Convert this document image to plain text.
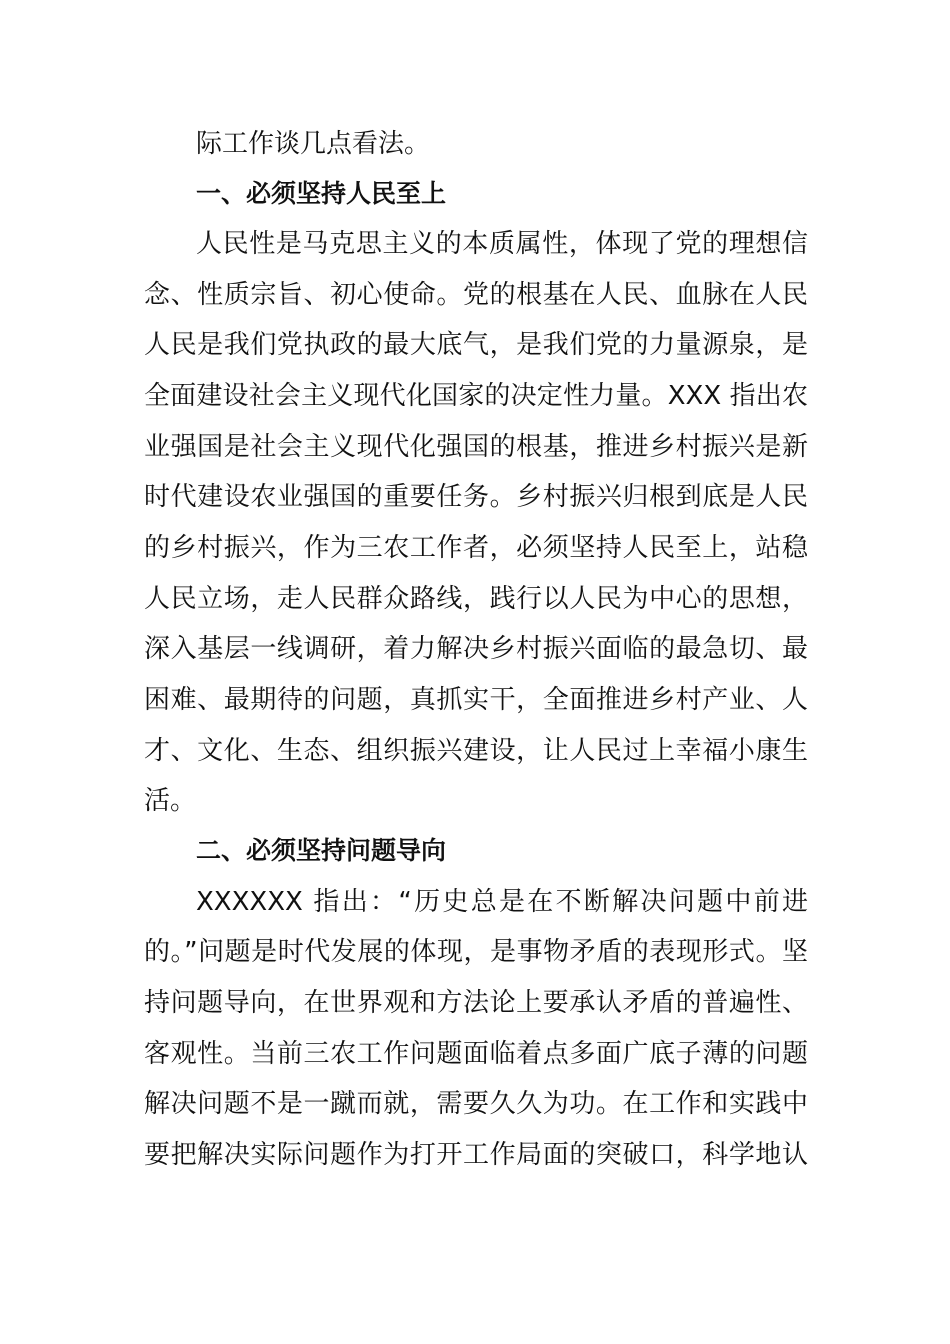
际工作谈几点看法。
一、必须坚持人民至上
人民性是马克思主义的本质属性，体现了党的理想信
念、性质宗旨、初心使命。党的根基在人民、血脉在人民
人民是我们党执政的最大底气，是我们党的力量源泉，是
全面建设社会主义现代化国家的决定性力量。XXX 指出农
业强国是社会主义现代化强国的根基，推进乡村振兴是新
时代建设农业强国的重要任务。乡村振兴归根到底是人民
的乡村振兴，作为三农工作者，必须坚持人民至上，站稳
人民立场，走人民群众路线，践行以人民为中心的思想，
深入基层一线调研，着力解决乡村振兴面临的最急切、最
困难、最期待的问题，真抓实干，全面推进乡村产业、人
才、文化、生态、组织振兴建设，让人民过上幸福小康生
活。
二、必须坚持问题导向
XXXXXX 指出：“历史总是在不断解决问题中前进
的。”问题是时代发展的体现，是事物矛盾的表现形式。坚
持问题导向，在世界观和方法论上要承认矛盾的普遍性、
客观性。当前三农工作问题面临着点多面广底子薄的问题
解决问题不是一蹴而就，需要久久为功。在工作和实践中
要把解决实际问题作为打开工作局面的突破口，科学地认
